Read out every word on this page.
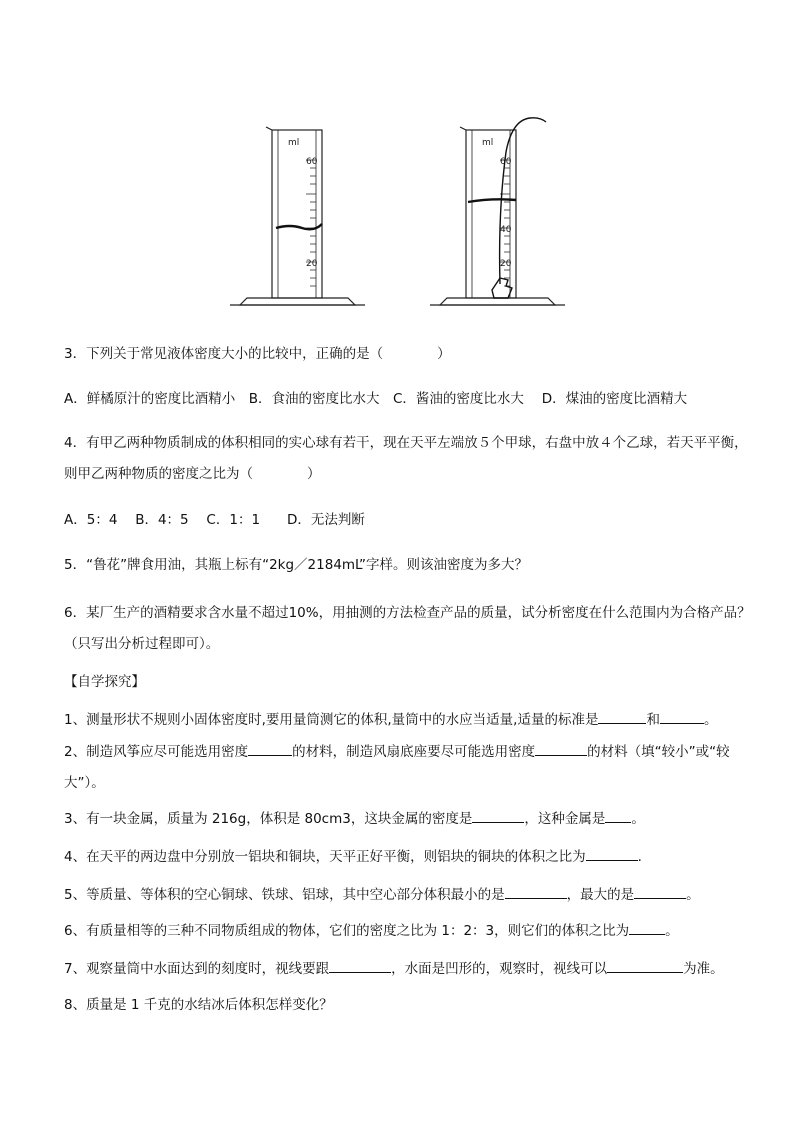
ml
60
20
ml
60
40
20
3．下列关于常见液体密度大小的比较中，正确的是（　　　　）
A．鲜橘原汁的密度比酒精小　B．食油的密度比水大　C．酱油的密度比水大　 D．煤油的密度比酒精大
4．有甲乙两种物质制成的体积相同的实心球有若干，现在天平左端放５个甲球，右盘中放４个乙球，若天平平衡，则甲乙两种物质的密度之比为（　　　　）
A．5：4　 B．4：5　 C．1：1　　D．无法判断
5．“鲁花”牌食用油，其瓶上标有“2kg／2184mL”字样。则该油密度为多大？
6．某厂生产的酒精要求含水量不超过10%，用抽测的方法检查产品的质量，试分析密度在什么范围内为合格产品？（只写出分析过程即可）。
【自学探究】
1、测量形状不规则小固体密度时,要用量筒测它的体积,量筒中的水应当适量,适量的标准是	和	。
2、制造风筝应尽可能选用密度	的材料，制造风扇底座要尽可能选用密度	的材料（填“较小”或“较大”）。
3、有一块金属，质量为 216g，体积是 80cm3，这块金属的密度是	，这种金属是 。
4、在天平的两边盘中分别放一铝块和铜块，天平正好平衡，则铝块的铜块的体积之比为	.
5、等质量、等体积的空心铜球、铁球、铝球，其中空心部分体积最小的是	，最大的是	。
6、有质量相等的三种不同物质组成的物体，它们的密度之比为 1：2：3，则它们的体积之比为	。
7、观察量筒中水面达到的刻度时，视线要跟	，水面是凹形的，观察时，视线可以	为准。
8、质量是 1 千克的水结冰后体积怎样变化？
